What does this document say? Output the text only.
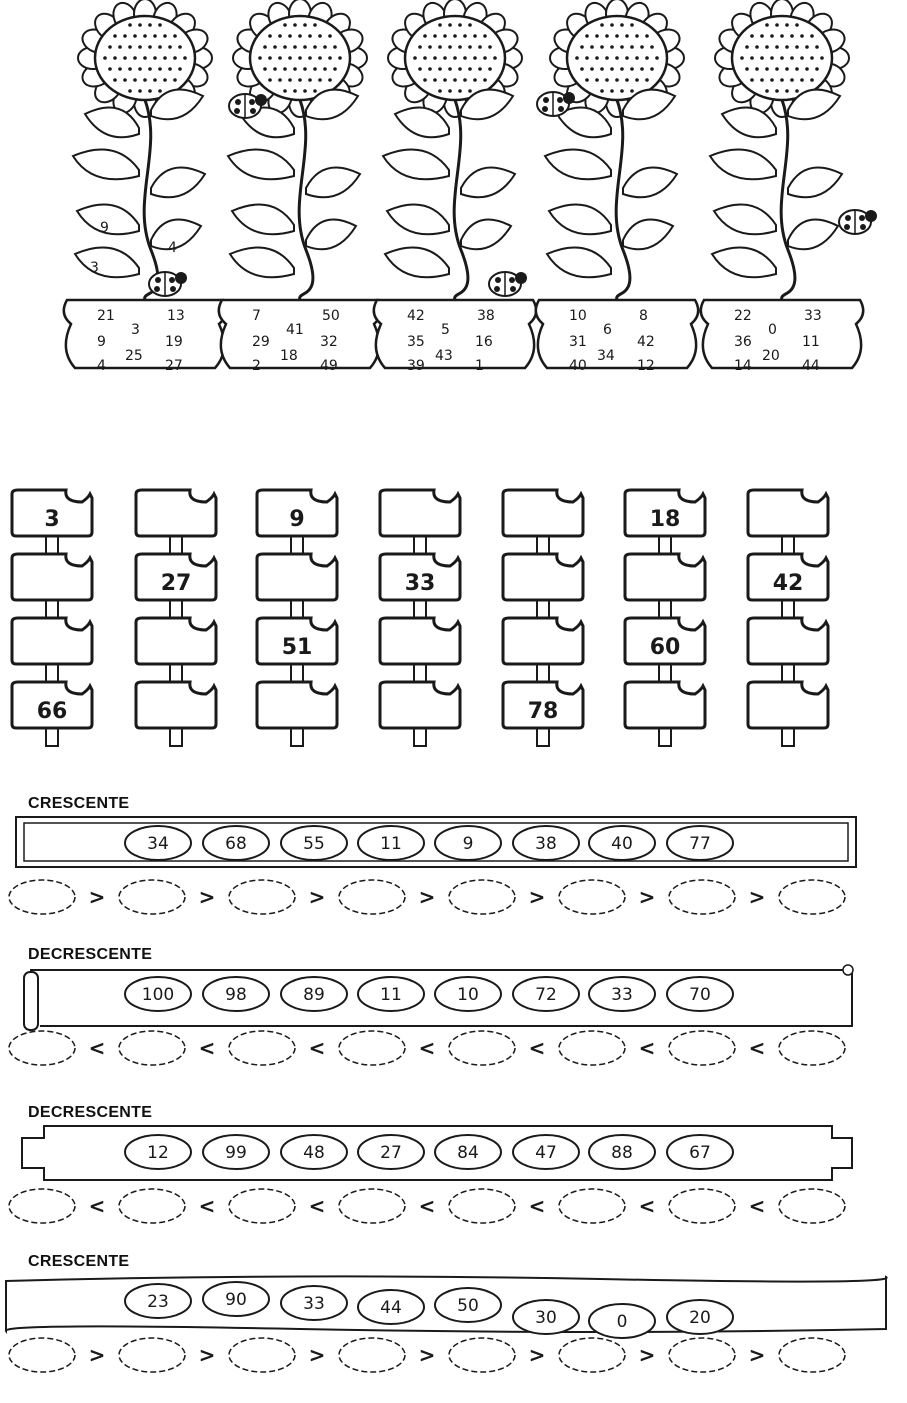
21	13
3
9	19
25
4	27
7	50
41
29	32
18
2	49
42	38
5
35	16
43
39	1
10	8
6
31	42
34
40	12
22	33
0
36	11
20
14	44
9
4
3
3	9	18
27	33	42
51	60
66	78
CRESCENTE
34	68	55	11	9	38	40	77
>	>	>	>	>	>	>
DECRESCENTE
100	98	89	11	10	72	33	70
<	<	<	<	<	<	<
DECRESCENTE
12	99	48	27	84	47	88	67
<	<	<	<	<	<	<
CRESCENTE
23	90	33	44	50
30	0	20
>	>	>	>	>	>	>
